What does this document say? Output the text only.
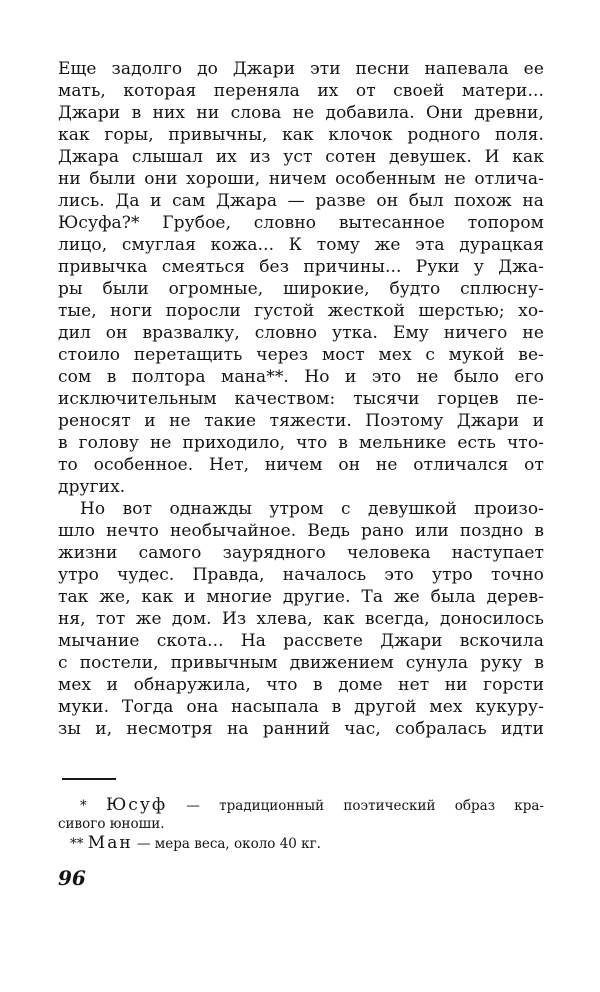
Еще задолго до Джари эти песни напевала ее
мать, которая переняла их от своей матери...
Джари в них ни слова не добавила. Они древни,
как горы, привычны, как клочок родного поля.
Джара слышал их из уст сотен девушек. И как
ни были они хороши, ничем особенным не отлича-
лись. Да и сам Джара — разве он был похож на
Юсуфа?* Грубое, словно вытесанное топором
лицо, смуглая кожа... К тому же эта дурацкая
привычка смеяться без причины... Руки у Джа-
ры были огромные, широкие, будто сплюсну-
тые, ноги поросли густой жесткой шерстью; хо-
дил он вразвалку, словно утка. Ему ничего не
стоило перетащить через мост мех с мукой ве-
сом в полтора мана**. Но и это не было его
исключительным качеством: тысячи горцев пе-
реносят и не такие тяжести. Поэтому Джари и
в голову не приходило, что в мельнике есть что-
то особенное. Нет, ничем он не отличался от
других.
Но вот однажды утром с девушкой произо-
шло нечто необычайное. Ведь рано или поздно в
жизни самого заурядного человека наступает
утро чудес. Правда, началось это утро точно
так же, как и многие другие. Та же была дерев-
ня, тот же дом. Из хлева, как всегда, доносилось
мычание скота... На рассвете Джари вскочила
с постели, привычным движением сунула руку в
мех и обнаружила, что в доме нет ни горсти
муки. Тогда она насыпала в другой мех кукуру-
зы и, несмотря на ранний час, собралась идти
* Юсуф — традиционный поэтический образ кра-
сивого юноши.
** Ман — мера веса, около 40 кг.
96
